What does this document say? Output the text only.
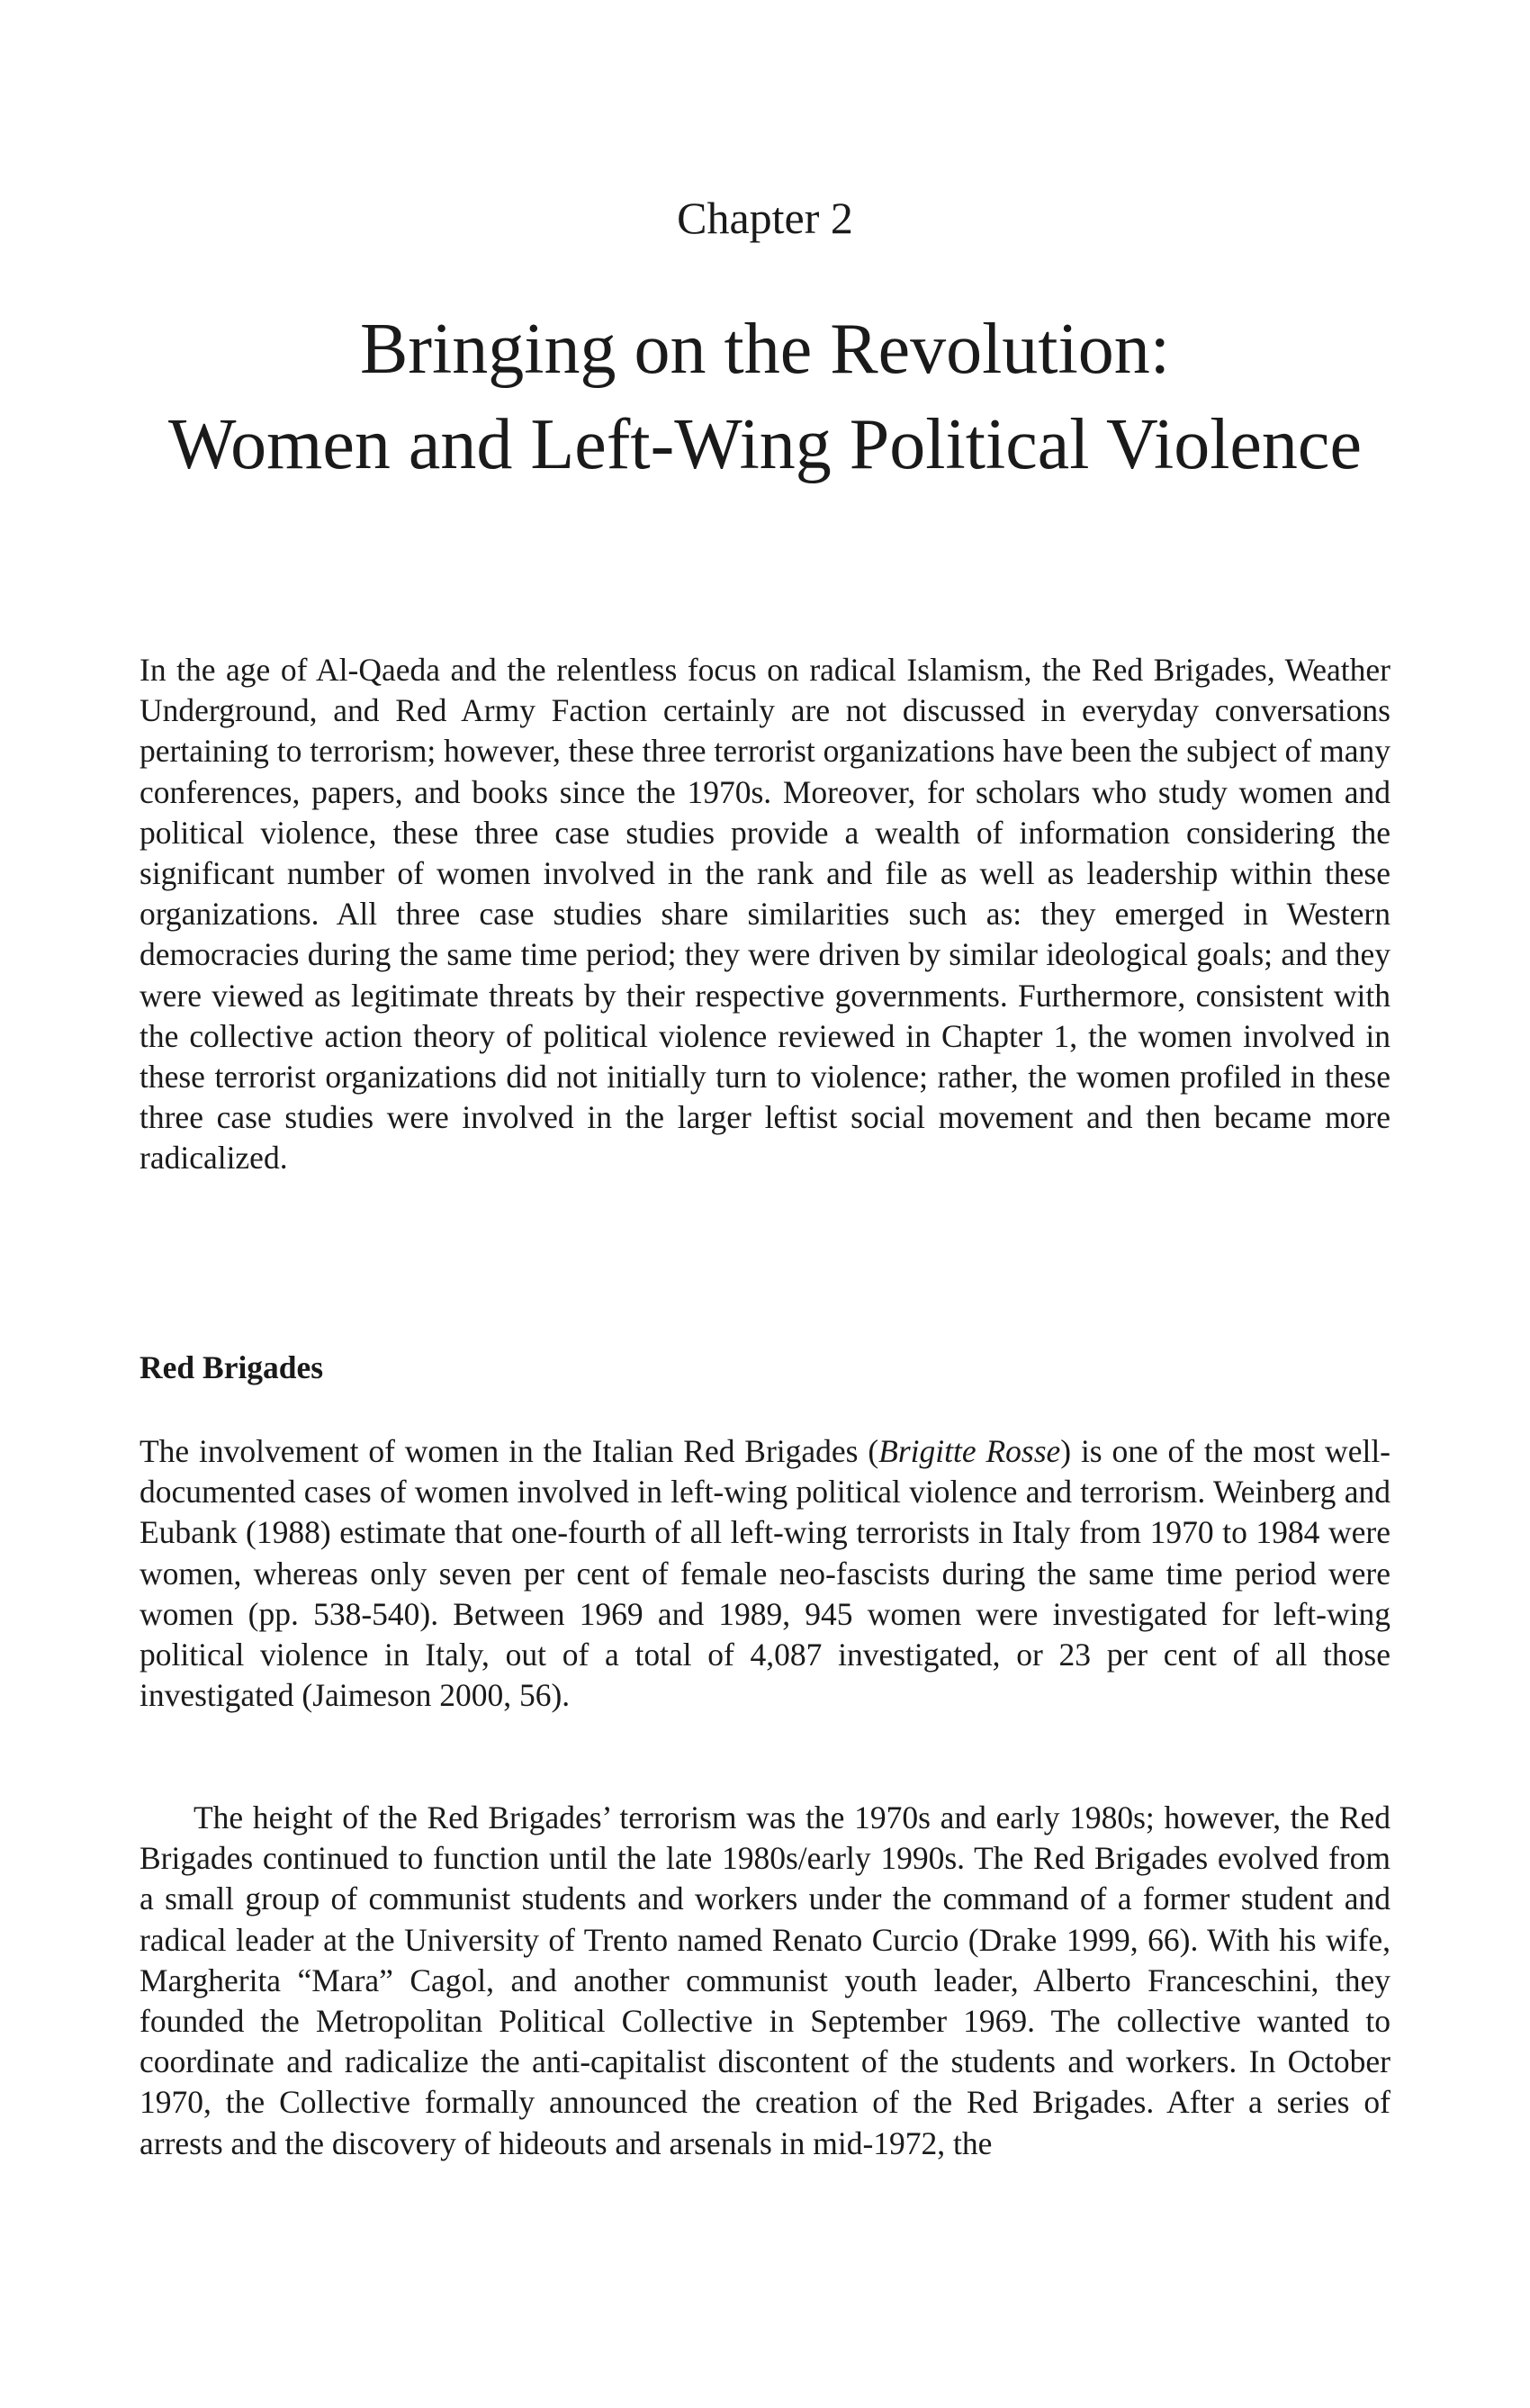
Chapter 2
Bringing on the Revolution:
Women and Left-Wing Political Violence

In the age of Al-Qaeda and the relentless focus on radical Islamism, the Red Brigades, Weather Underground, and Red Army Faction certainly are not discussed in everyday conversations pertaining to terrorism; however, these three terrorist organizations have been the subject of many conferences, papers, and books since the 1970s. Moreover, for scholars who study women and political violence, these three case studies provide a wealth of information considering the significant number of women involved in the rank and file as well as leadership within these organizations. All three case studies share similarities such as: they emerged in Western democracies during the same time period; they were driven by similar ideological goals; and they were viewed as legitimate threats by their respective governments. Furthermore, consistent with the collective action theory of political violence reviewed in Chapter 1, the women involved in these terrorist organizations did not initially turn to violence; rather, the women profiled in these three case studies were involved in the larger leftist social movement and then became more radicalized.

Red Brigades

The involvement of women in the Italian Red Brigades (Brigitte Rosse) is one of the most well-documented cases of women involved in left-wing political violence and terrorism. Weinberg and Eubank (1988) estimate that one-fourth of all left-wing terrorists in Italy from 1970 to 1984 were women, whereas only seven per cent of female neo-fascists during the same time period were women (pp. 538-540). Between 1969 and 1989, 945 women were investigated for left-wing political violence in Italy, out of a total of 4,087 investigated, or 23 per cent of all those investigated (Jaimeson 2000, 56).

The height of the Red Brigades’ terrorism was the 1970s and early 1980s; however, the Red Brigades continued to function until the late 1980s/early 1990s. The Red Brigades evolved from a small group of communist students and workers under the command of a former student and radical leader at the University of Trento named Renato Curcio (Drake 1999, 66). With his wife, Margherita “Mara” Cagol, and another communist youth leader, Alberto Franceschini, they founded the Metropolitan Political Collective in September 1969. The collective wanted to coordinate and radicalize the anti-capitalist discontent of the students and workers. In October 1970, the Collective formally announced the creation of the Red Brigades. After a series of arrests and the discovery of hideouts and arsenals in mid-1972, the
